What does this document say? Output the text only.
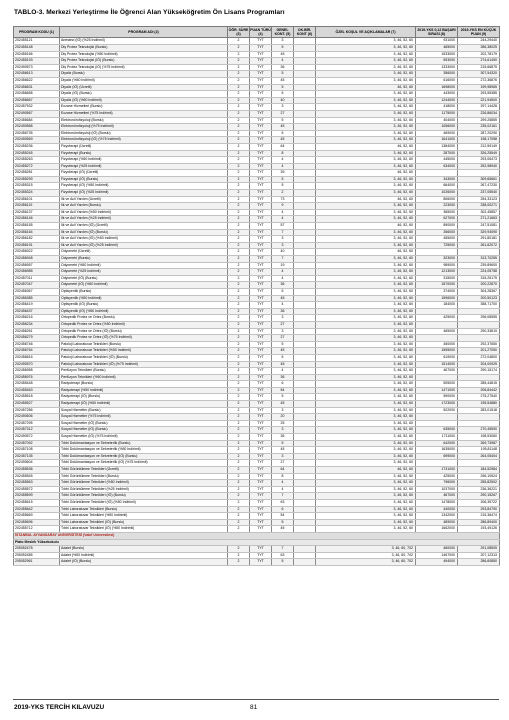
TABLO-3. Merkezi Yerleştirme İle Öğrenci Alan Yükseköğretim Ön Lisans Programları
PROGRAM KODU (1)	PROGRAM ADI (2)	ÖĞR. SÜRE (3)	PUAN TÜRÜ (4)	GENEL KONT. (5)	OK.BİR. KONT (6)	ÖZEL KOŞUL VE AÇIKLAMALAR (7)	2019-YKS 0,12 BAŞARI SIRASI (8)	2019-YKS EN KÜÇÜK PUAN (9)
202455121	Anestezi (İÖ) (%25 İndirimli)	2	TYT	3		3, 46, 52, 60	931000	244,29440
202455148	Diş Protez Teknolojisi (Burslu)	2	TYT	5		3, 46, 52, 60	465000	286,38025
202455166	Diş Protez Teknolojisi (%50 İndirimli)	2	TYT	45		3, 46, 52, 60	1533000	202,78179
202455193	Diş Protez Teknolojisi (İÖ) (Burslu)	2	TYT	4		3, 46, 52, 60	593000	274,61490
202490573	Diş Protez Teknolojisi (İÖ) (%75 İndirimli)	2	TYT	36		3, 46, 52, 60	1333000	215,66875
202456613	Diyaliz (Burslu)	2	TYT	5		3, 46, 52, 60	356000	307,54320
202456622	Diyaliz (%50 İndirimli)	2	TYT	45		3, 46, 52, 60	616000	272,36876
202456631	Diyaliz (İÖ) (Ücretli)	2	TYT	5		46, 52, 60	1698000	199,98965
202456658	Diyaliz (İÖ) (Burslu)	2	TYT	5		3, 46, 52, 60	443000	293,55385
202456667	Diyaliz (İÖ) (%50 İndirimli)	2	TYT	40		3, 46, 52, 60	1244000	221,94500
202457532	Eczane Hizmetleri (Burslu)	2	TYT	3		3, 46, 52, 60	418000	297,14428
202490567	Eczane Hizmetleri (%75 İndirimli)	2	TYT	27		3, 46, 52, 60	1175000	226,86034
202456684	Elektronörofizyoloji (Burslu)	2	TYT	5		3, 46, 52, 60	404000	299,25855
202490568	Elektronörofizyoloji (%75 İndirimli)	2	TYT	45		3, 46, 52, 60	1056000	235,02161
202456735	Elektronörofizyoloji (İÖ) (Burslu)	2	TYT	5		3, 46, 52, 60	469000	287,20290
202490569	Elektronörofizyoloji (İÖ) (%75 İndirimli)	2	TYT	45		3, 46, 52, 60	1641000	198,17058
202455236	Fizyoterapi (Ücretli)	2	TYT	64		46, 52, 60	1384000	212,59149
202455245	Fizyoterapi (Burslu)	2	TYT	8		3, 46, 52, 60	287000	326,25549
202455263	Fizyoterapi (%50 İndirimli)	2	TYT	4		3, 46, 52, 60	445000	293,06473
202455272	Fizyoterapi (%25 İndirimli)	2	TYT	4		3, 46, 52, 60	634000	252,98940
202455281	Fizyoterapi (İÖ) (Ücretli)	2	TYT	39		46, 52, 60		
202455299	Fizyoterapi (İÖ) (Burslu)	2	TYT	5		3, 46, 52, 60	343000	309,65661
202455315	Fizyoterapi (İÖ) (%50 İndirimli)	2	TYT	5		3, 46, 52, 60	664000	267,47230
202455324	Fizyoterapi (İÖ) (%25 İndirimli)	2	TYT	2		3, 46, 52, 60	1026000	237,05540
202456101	İlk ve Acil Yardım (Ücretli)	2	TYT	73		46, 52, 60	806000	254,33123
202456119	İlk ve Acil Yardım (Burslu)	2	TYT	9		3, 46, 52, 60	223000	338,00271
202456137	İlk ve Acil Yardım (%50 İndirimli)	2	TYT	4		3, 46, 52, 60	365000	302,45857
202456146	İlk ve Acil Yardım (%25 İndirimli)	2	TYT	4		3, 46, 52, 60	627000	271,21663
202456155	İlk ve Acil Yardım (İÖ) (Ücretli)	2	TYT	57		46, 52, 60	890000	247,51081
202456164	İlk ve Acil Yardım (İÖ) (Burslu)	2	TYT	7		3, 46, 52, 60	266000	329,94090
202456182	İlk ve Acil Yardım (İÖ) (%50 İndirimli)	2	TYT	3		3, 46, 52, 60	455000	291,80181
202456191	İlk ve Acil Yardım (İÖ) (%25 İndirimli)	2	TYT	3		3, 46, 52, 60	725000	261,62072
202456922	Odyometri (Ücretli)	2	TYT	40		46, 52, 60		
202456948	Odyometri (Burslu)	2	TYT	7		3, 46, 52, 60	323000	313,70255
202456957	Odyometri (%50 İndirimli)	2	TYT	19		3, 46, 52, 60	989000	239,89600
202456985	Odyometri (%25 İndirimli)	2	TYT	4		3, 46, 52, 60	1213000	224,05758
202457011	Odyometri (İÖ) (Burslu)	2	TYT	4		3, 46, 52, 60	315000	315,25175
202457047	Odyometri (İÖ) (%50 İndirimli)	2	TYT	36		3, 46, 52, 60	1570000	200,22870
202456367	Optisyenlik (Burslu)	2	TYT	5		3, 46, 52, 60	374000	304,28367
202456385	Optisyenlik (%50 İndirimli)	2	TYT	45		3, 46, 52, 60	1596000	200,50123
202456419	Optisyenlik (İÖ) (Burslu)	2	TYT	4		3, 46, 52, 60	184000	358,71700
202456437	Optisyenlik (İÖ) (%50 İndirimli)	2	TYT	36		3, 46, 52, 60		
202456216	Ortopedik Protez ve Ortez (Burslu)	2	TYT	3		3, 46, 52, 60	425000	296,08555
202456234	Ortopedik Protez ve Ortez (%50 İndirimli)	2	TYT	27		3, 46, 52, 60		
202456261	Ortopedik Protez ve Ortez (İÖ) (Burslu)	2	TYT	3		3, 46, 52, 60	465000	290,33819
202456279	Ortopedik Protez ve Ortez (İÖ) (%75 İndirimli)	2	TYT	27		3, 46, 52, 60		
202456746	Patoloji Laboratuvar Teknikleri (Burslu)	2	TYT	5		3, 46, 52, 60	450000	292,37650
202456764	Patoloji Laboratuvar Teknikleri (%50 İndirimli)	2	TYT	45		3, 46, 52, 60	1555000	201,27050
202456816	Patoloji Laboratuvar Teknikleri (İÖ) (Burslu)	2	TYT	5		3, 46, 52, 60	619000	272,04800
202490570	Patoloji Laboratuvar Teknikleri (İÖ) (%75 İndirimli)	2	TYT	45		3, 46, 52, 60	1514000	204,00925
202456958	Perfüzyon Teknikleri (Burslu)	2	TYT	4		3, 46, 52, 60	467000	290,15174
202456976	Perfüzyon Teknikleri (%50 İndirimli)	2	TYT	36		3, 46, 52, 60		
202455448	Radyoterapi (Burslu)	2	TYT	6		3, 46, 52, 60	505000	285,44815
202455463	Radyoterapi (%50 İndirimli)	2	TYT	54		3, 46, 52, 60	1471000	206,84442
202455518	Radyoterapi (İÖ) (Burslu)	2	TYT	5		3, 46, 52, 60	590000	275,27540
202455527	Radyoterapi (İÖ) (%50 İndirimli)	2	TYT	45		3, 46, 52, 60	1723000	195,54880
202457286	Sosyal Hizmetler (Burslu)	2	TYT	3		3, 46, 52, 60	522000	283,01518
202490606	Sosyal Hizmetler (%75 İndirimli)	2	TYT	20		3, 46, 52, 60		
202457295	Sosyal Hizmetler (İÖ) (Burslu)	2	TYT	25		3, 46, 52, 60		
202457312	Sosyal Hizmetler (İÖ) (Burslu)	2	TYT	3		3, 46, 52, 60	635000	270,45590
202490572	Sosyal Hizmetler (İÖ) (%75 İndirimli)	2	TYT	36		3, 46, 52, 60	1711000	198,53060
202457092	Tıbbi Dokümantasyon ve Sekreterlik (Burslu)	2	TYT	5		3, 46, 52, 60	642000	269,73987
202457108	Tıbbi Dokümantasyon ve Sekreterlik (%50 İndirimli)	2	TYT	45		3, 46, 52, 60	1635000	195,81148
202457135	Tıbbi Dokümantasyon ve Sekreterlik (İÖ) (Burslu)	2	TYT	3		3, 46, 52, 60	699000	264,05404
202490604	Tıbbi Dokümantasyon ve Sekreterlik (İÖ) (%75 İndirimli)	2	TYT	27		3, 46, 52, 60		
202455536	Tıbbi Görüntüleme Teknikleri (Ücretli)	2	TYT	64		46, 52, 60	1731000	184,52984
202455545	Tıbbi Görüntüleme Teknikleri (Burslu)	2	TYT	8		3, 46, 52, 60	425000	296,10524
202455563	Tıbbi Görüntüleme Teknikleri (%50 İndirimli)	2	TYT	4		3, 46, 52, 60	796000	255,82502
202455572	Tıbbi Görüntüleme Teknikleri (%25 İndirimli)	2	TYT	4		3, 46, 52, 60	1037000	236,36221
202455599	Tıbbi Görüntüleme Teknikleri (İÖ) (Burslu)	2	TYT	7		3, 46, 52, 60	467000	290,15267
202455615	Tıbbi Görüntüleme Teknikleri (İÖ) (%50 İndirimli)	2	TYT	63		3, 46, 52, 60	1478000	206,35722
202455642	Tıbbi Laboratuvar Teknikleri (Burslu)	2	TYT	6		3, 46, 52, 60	440000	293,84790
202455669	Tıbbi Laboratuvar Teknikleri (%50 İndirimli)	2	TYT	54		3, 46, 52, 60	1342000	215,36474
202455696	Tıbbi Laboratuvar Teknikleri (İÖ) (Burslu)	2	TYT	5		3, 46, 52, 60	489000	286,89400
202455712	Tıbbi Laboratuvar Teknikleri (İÖ) (%50 İndirimli)	2	TYT	45		3, 46, 52, 60	1662000	193,49126
İSTANBUL AYVANSARAY ÜNİVERSİTESİ (Vakıf Üniversitesi)								
Plato Meslek Yüksekokulu								
205052478	Adalet (Burslu)	2	TYT	7		3, 46, 60, 702	460000	291,08505
205052485	Adalet (%50 İndirimli)	2	TYT	63		3, 46, 60, 702	1467000	207,12313
205052961	Adalet (İÖ) (Burslu)	2	TYT	5		3, 46, 60, 702	494000	286,60850
2019-YKS TERCİH KILAVUZU	81
